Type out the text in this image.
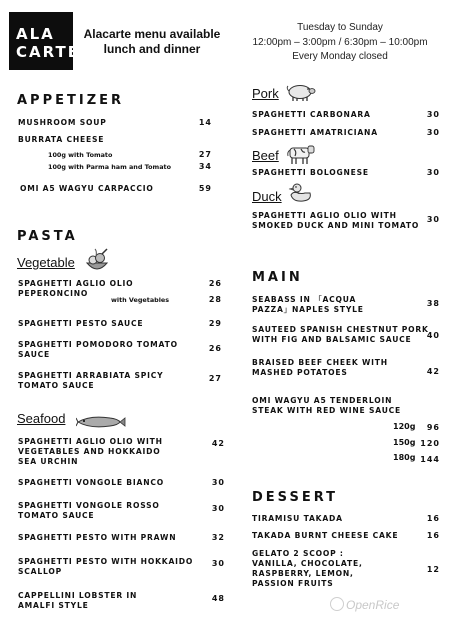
ALA
CARTE
Alacarte menu available
lunch and dinner
Tuesday to Sunday
12:00pm – 3:00pm / 6:30pm – 10:00pm
Every Monday closed
APPETIZER
MUSHROOM SOUP	14
BURRATA CHEESE
100g with Tomato	27
100g with Parma ham and Tomato	34
OMI A5 WAGYU CARPACCIO	59
PASTA
Vegetable
SPAGHETTI AGLIO OLIO
PEPERONCINO
26
with Vegetables	28
SPAGHETTI PESTO SAUCE	29
SPAGHETTI POMODORO TOMATO
SAUCE
26
SPAGHETTI ARRABIATA SPICY
TOMATO SAUCE
27
Seafood
SPAGHETTI AGLIO OLIO WITH
VEGETABLES AND HOKKAIDO
SEA URCHIN
42
SPAGHETTI VONGOLE BIANCO	30
SPAGHETTI VONGOLE ROSSO
TOMATO SAUCE
30
SPAGHETTI PESTO WITH PRAWN	32
SPAGHETTI PESTO WITH HOKKAIDO
SCALLOP
30
CAPPELLINI LOBSTER IN
AMALFI STYLE
48
Pork
SPAGHETTI CARBONARA	30
SPAGHETTI AMATRICIANA	30
Beef
SPAGHETTI BOLOGNESE	30
Duck
SPAGHETTI AGLIO OLIO WITH
SMOKED DUCK AND MINI TOMATO
30
MAIN
SEABASS IN 「ACQUA
PAZZA」NAPLES STYLE
38
SAUTEED SPANISH CHESTNUT PORK
WITH FIG AND BALSAMIC SAUCE	40
BRAISED BEEF CHEEK WITH
MASHED POTATOES	42
OMI WAGYU A5 TENDERLOIN
STEAK WITH RED WINE SAUCE
120g	96
150g 120
180g 144
DESSERT
TIRAMISU TAKADA	16
TAKADA BURNT CHEESE CAKE	16
GELATO 2 SCOOP :
VANILLA, CHOCOLATE,
RASPBERRY, LEMON,
PASSION FRUITS
12
OpenRice
